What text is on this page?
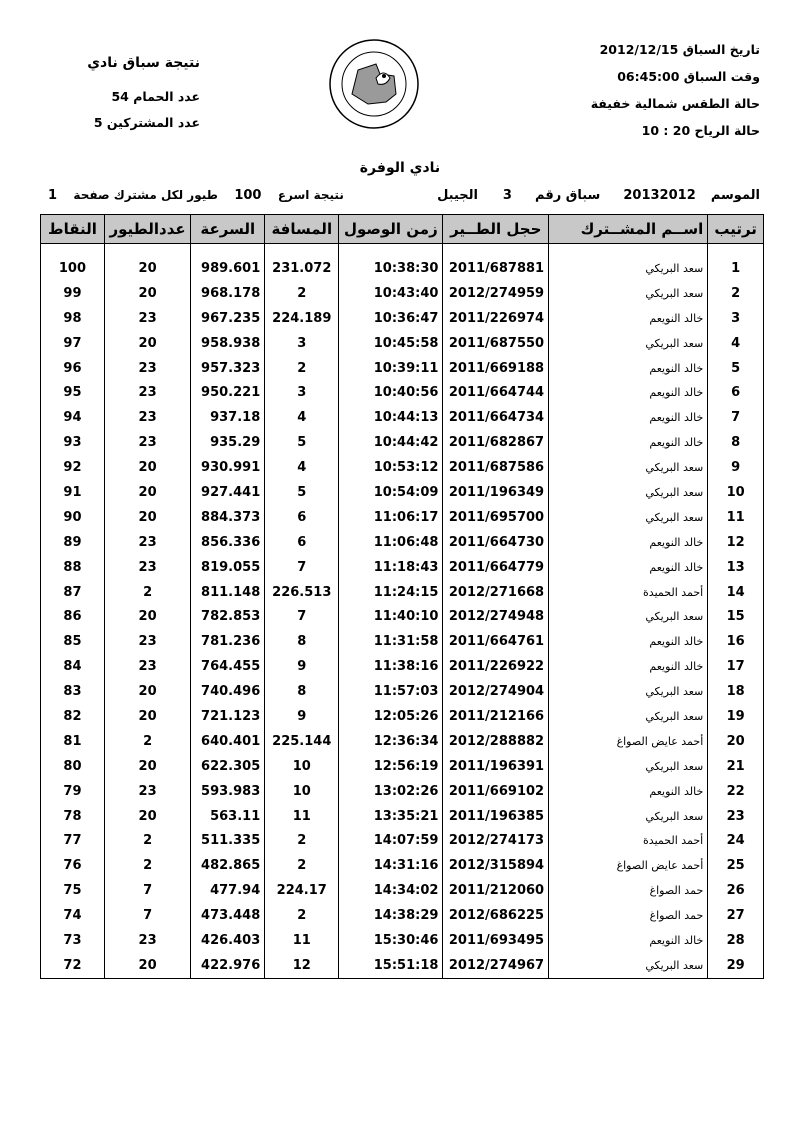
تاريخ السباق 2012/12/15
وقت السباق 06:45:00
حالة الطقس شمالية خفيفة
حالة الرياح 20 : 10
نتيجة سباق نادي
عدد الحمام 54
عدد المشتركين 5
نادي الوفرة
الموسم  20132012  سباق رقم  3
الجيبل
نتيجة اسرع  100  طيور لكل مشترك صفحة  1
ترتيب	اســم المشــترك	حجل الطــير	زمن الوصول	المسافة	السرعة	عددالطيور	النقاط

1	سعد البريكي	2011/687881	10:38:30	231.072	989.601	20	100
2	سعد البريكي	2012/274959	10:43:40	2	968.178	20	99
3	خالد النويعم	2011/226974	10:36:47	224.189	967.235	23	98
4	سعد البريكي	2011/687550	10:45:58	3	958.938	20	97
5	خالد النويعم	2011/669188	10:39:11	2	957.323	23	96
6	خالد النويعم	2011/664744	10:40:56	3	950.221	23	95
7	خالد النويعم	2011/664734	10:44:13	4	937.18	23	94
8	خالد النويعم	2011/682867	10:44:42	5	935.29	23	93
9	سعد البريكي	2011/687586	10:53:12	4	930.991	20	92
10	سعد البريكي	2011/196349	10:54:09	5	927.441	20	91
11	سعد البريكي	2011/695700	11:06:17	6	884.373	20	90
12	خالد النويعم	2011/664730	11:06:48	6	856.336	23	89
13	خالد النويعم	2011/664779	11:18:43	7	819.055	23	88
14	أحمد الحميدة	2012/271668	11:24:15	226.513	811.148	2	87
15	سعد البريكي	2012/274948	11:40:10	7	782.853	20	86
16	خالد النويعم	2011/664761	11:31:58	8	781.236	23	85
17	خالد النويعم	2011/226922	11:38:16	9	764.455	23	84
18	سعد البريكي	2012/274904	11:57:03	8	740.496	20	83
19	سعد البريكي	2011/212166	12:05:26	9	721.123	20	82
20	أحمد عايض الصواغ	2012/288882	12:36:34	225.144	640.401	2	81
21	سعد البريكي	2011/196391	12:56:19	10	622.305	20	80
22	خالد النويعم	2011/669102	13:02:26	10	593.983	23	79
23	سعد البريكي	2011/196385	13:35:21	11	563.11	20	78
24	أحمد الحميدة	2012/274173	14:07:59	2	511.335	2	77
25	أحمد عايض الصواغ	2012/315894	14:31:16	2	482.865	2	76
26	حمد الصواغ	2011/212060	14:34:02	224.17	477.94	7	75
27	حمد الصواغ	2012/686225	14:38:29	2	473.448	7	74
28	خالد النويعم	2011/693495	15:30:46	11	426.403	23	73
29	سعد البريكي	2012/274967	15:51:18	12	422.976	20	72
